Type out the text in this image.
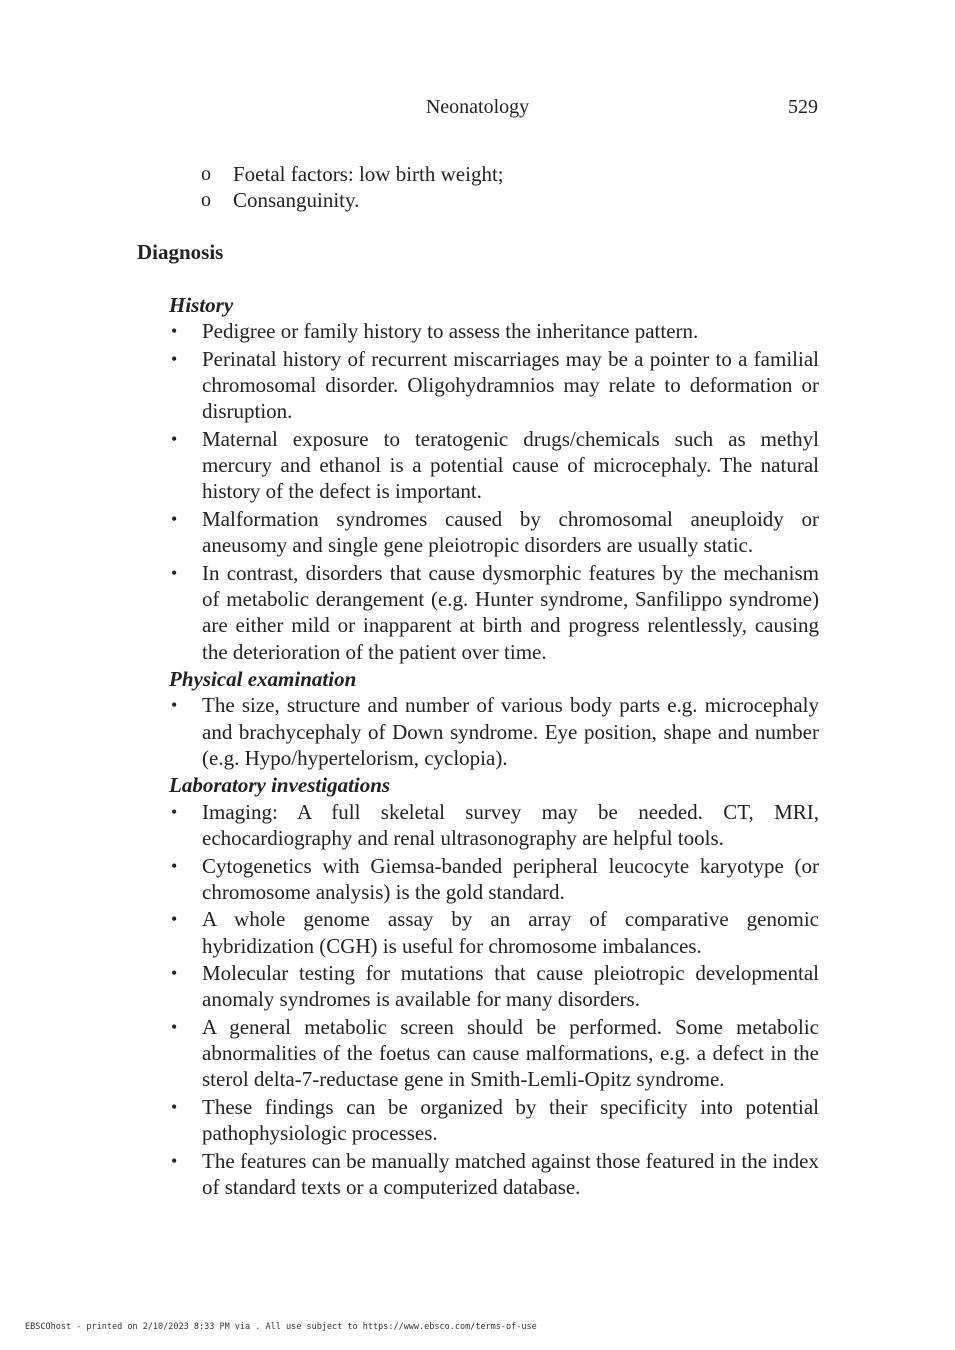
Neonatology	529
o Foetal factors: low birth weight;
o Consanguinity.
Diagnosis

History

• Pedigree or family history to assess the inheritance pattern.
• Perinatal history of recurrent miscarriages may be a pointer to a familial chromosomal disorder. Oligohydramnios may relate to deformation or disruption.
• Maternal exposure to teratogenic drugs/chemicals such as methyl mercury and ethanol is a potential cause of microcephaly. The natural history of the defect is important.
• Malformation syndromes caused by chromosomal aneuploidy or aneusomy and single gene pleiotropic disorders are usually static.
• In contrast, disorders that cause dysmorphic features by the mechanism of metabolic derangement (e.g. Hunter syndrome, Sanfilippo syndrome) are either mild or inapparent at birth and progress relentlessly, causing the deterioration of the patient over time.

Physical examination

• The size, structure and number of various body parts e.g. microcephaly and brachycephaly of Down syndrome. Eye position, shape and number (e.g. Hypo/hypertelorism, cyclopia).

Laboratory investigations

• Imaging: A full skeletal survey may be needed. CT, MRI, echocardiography and renal ultrasonography are helpful tools.
• Cytogenetics with Giemsa-banded peripheral leucocyte karyotype (or chromosome analysis) is the gold standard.
• A whole genome assay by an array of comparative genomic hybridization (CGH) is useful for chromosome imbalances.
• Molecular testing for mutations that cause pleiotropic developmental anomaly syndromes is available for many disorders.
• A general metabolic screen should be performed. Some metabolic abnormalities of the foetus can cause malformations, e.g. a defect in the sterol delta-7-reductase gene in Smith-Lemli-Opitz syndrome.
• These findings can be organized by their specificity into potential pathophysiologic processes.
• The features can be manually matched against those featured in the index of standard texts or a computerized database.
EBSCOhost - printed on 2/10/2023 8:33 PM via . All use subject to https://www.ebsco.com/terms-of-use
